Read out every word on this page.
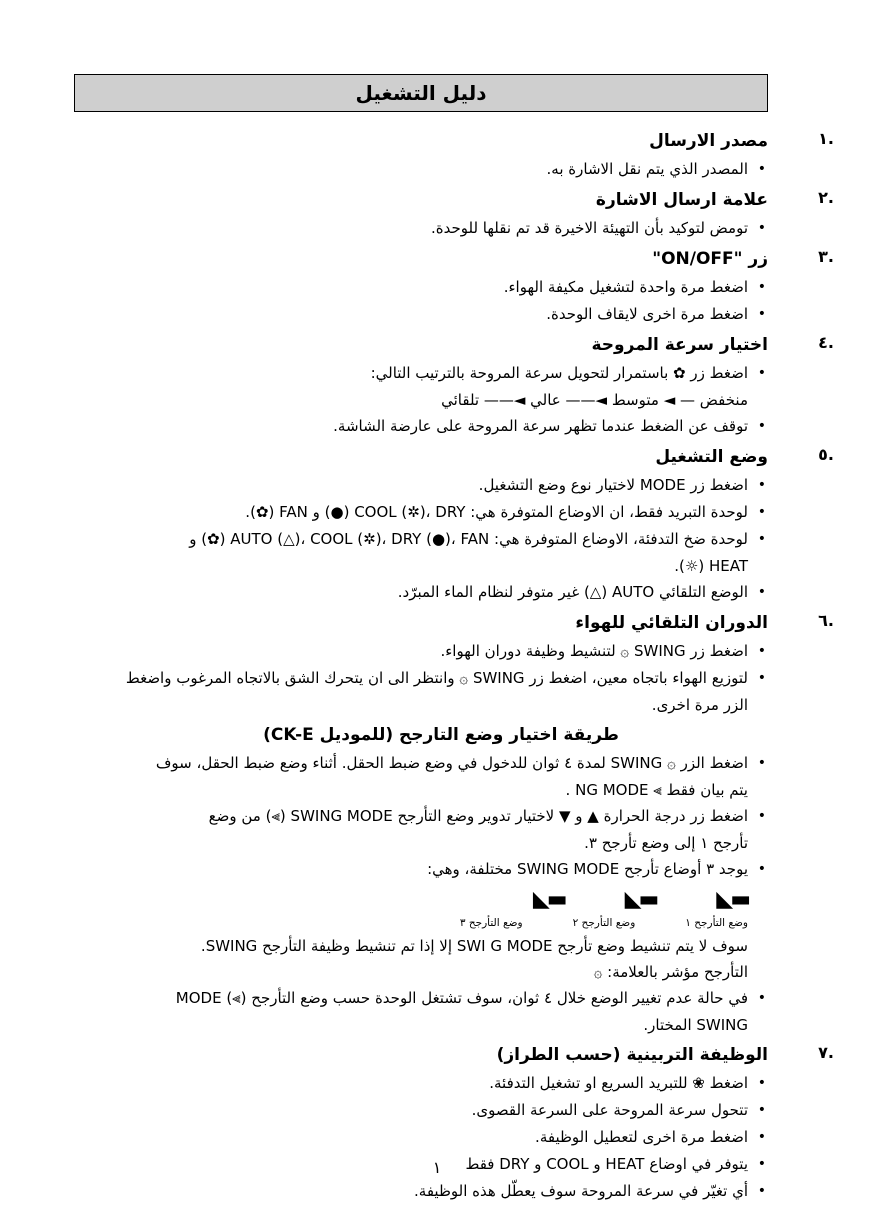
دليل التشغيل
.١
مصدر الارسال
• المصدر الذي يتم نقل الاشارة به.
.٢
علامة ارسال الاشارة
• تومض لتوكيد بأن التهيئة الاخيرة قد تم نقلها للوحدة.
.٣
زر "ON/OFF"
• اضغط مرة واحدة لتشغيل مكيفة الهواء.
• اضغط مرة اخرى لايقاف الوحدة.
.٤
اختيار سرعة المروحة
• اضغط زر ✿ باستمرار لتحويل سرعة المروحة بالترتيب التالي:
منخفض — ◄ متوسط ◄—— عالي ◄—— تلقائي
• توقف عن الضغط عندما تظهر سرعة المروحة على عارضة الشاشة.
.٥
وضع التشغيل
• اضغط زر MODE لاختيار نوع وضع التشغيل.
• لوحدة التبريد فقط، ان الاوضاع المتوفرة هي: COOL (✲)، DRY (●) و FAN (✿).
• لوحدة ضخ التدفئة، الاوضاع المتوفرة هي: AUTO (△)، COOL (✲)، DRY (●)، FAN (✿) و
HEAT (☼).
• الوضع التلقائي AUTO (△) غير متوفر لنظام الماء المبرّد.
.٦
الدوران التلقائي للهواء
• اضغط زر SWING ۞ لتنشيط وظيفة دوران الهواء.
• لتوزيع الهواء باتجاه معين، اضغط زر SWING ۞ وانتظر الى ان يتحرك الشق بالاتجاه المرغوب واضغط
الزر مرة اخرى.
طريقة اختيار وضع التارجح (للموديل CK-E)
• اضغط الزر ۞ SWING لمدة ٤ ثوان للدخول في وضع ضبط الحقل. أثناء وضع ضبط الحقل، سوف
يتم بيان فقط ⫸ NG MODE .
• اضغط زر درجة الحرارة ▲ و ▼ لاختيار تدوير وضع التأرجح SWING MODE (⫸) من وضع
تأرجح ١ إلى وضع تأرجح ٣.
• يوجد ٣ أوضاع تأرجح SWING MODE مختلفة، وهي:
▬◣
▬◣
▬◣
وضع التأرجح ١
وضع التأرجح ٢
وضع التأرجح ٣
سوف لا يتم تنشيط وضع تأرجح SWI G MODE إلا إذا تم تنشيط وظيفة التأرجح SWING.
التأرجح مؤشر بالعلامة: ۞
• في حالة عدم تغيير الوضع خلال ٤ ثوان، سوف تشتغل الوحدة حسب وضع التأرجح (⫸) MODE
SWING المختار.
.٧
الوظيفة التربينية (حسب الطراز)
• اضغط ❀ للتبريد السريع او تشغيل التدفئة.
• تتحول سرعة المروحة على السرعة القصوى.
• اضغط مرة اخرى لتعطيل الوظيفة.
• يتوفر في اوضاع HEAT و COOL و DRY فقط
• أي تغيّر في سرعة المروحة سوف يعطّل هذه الوظيفة.
١
